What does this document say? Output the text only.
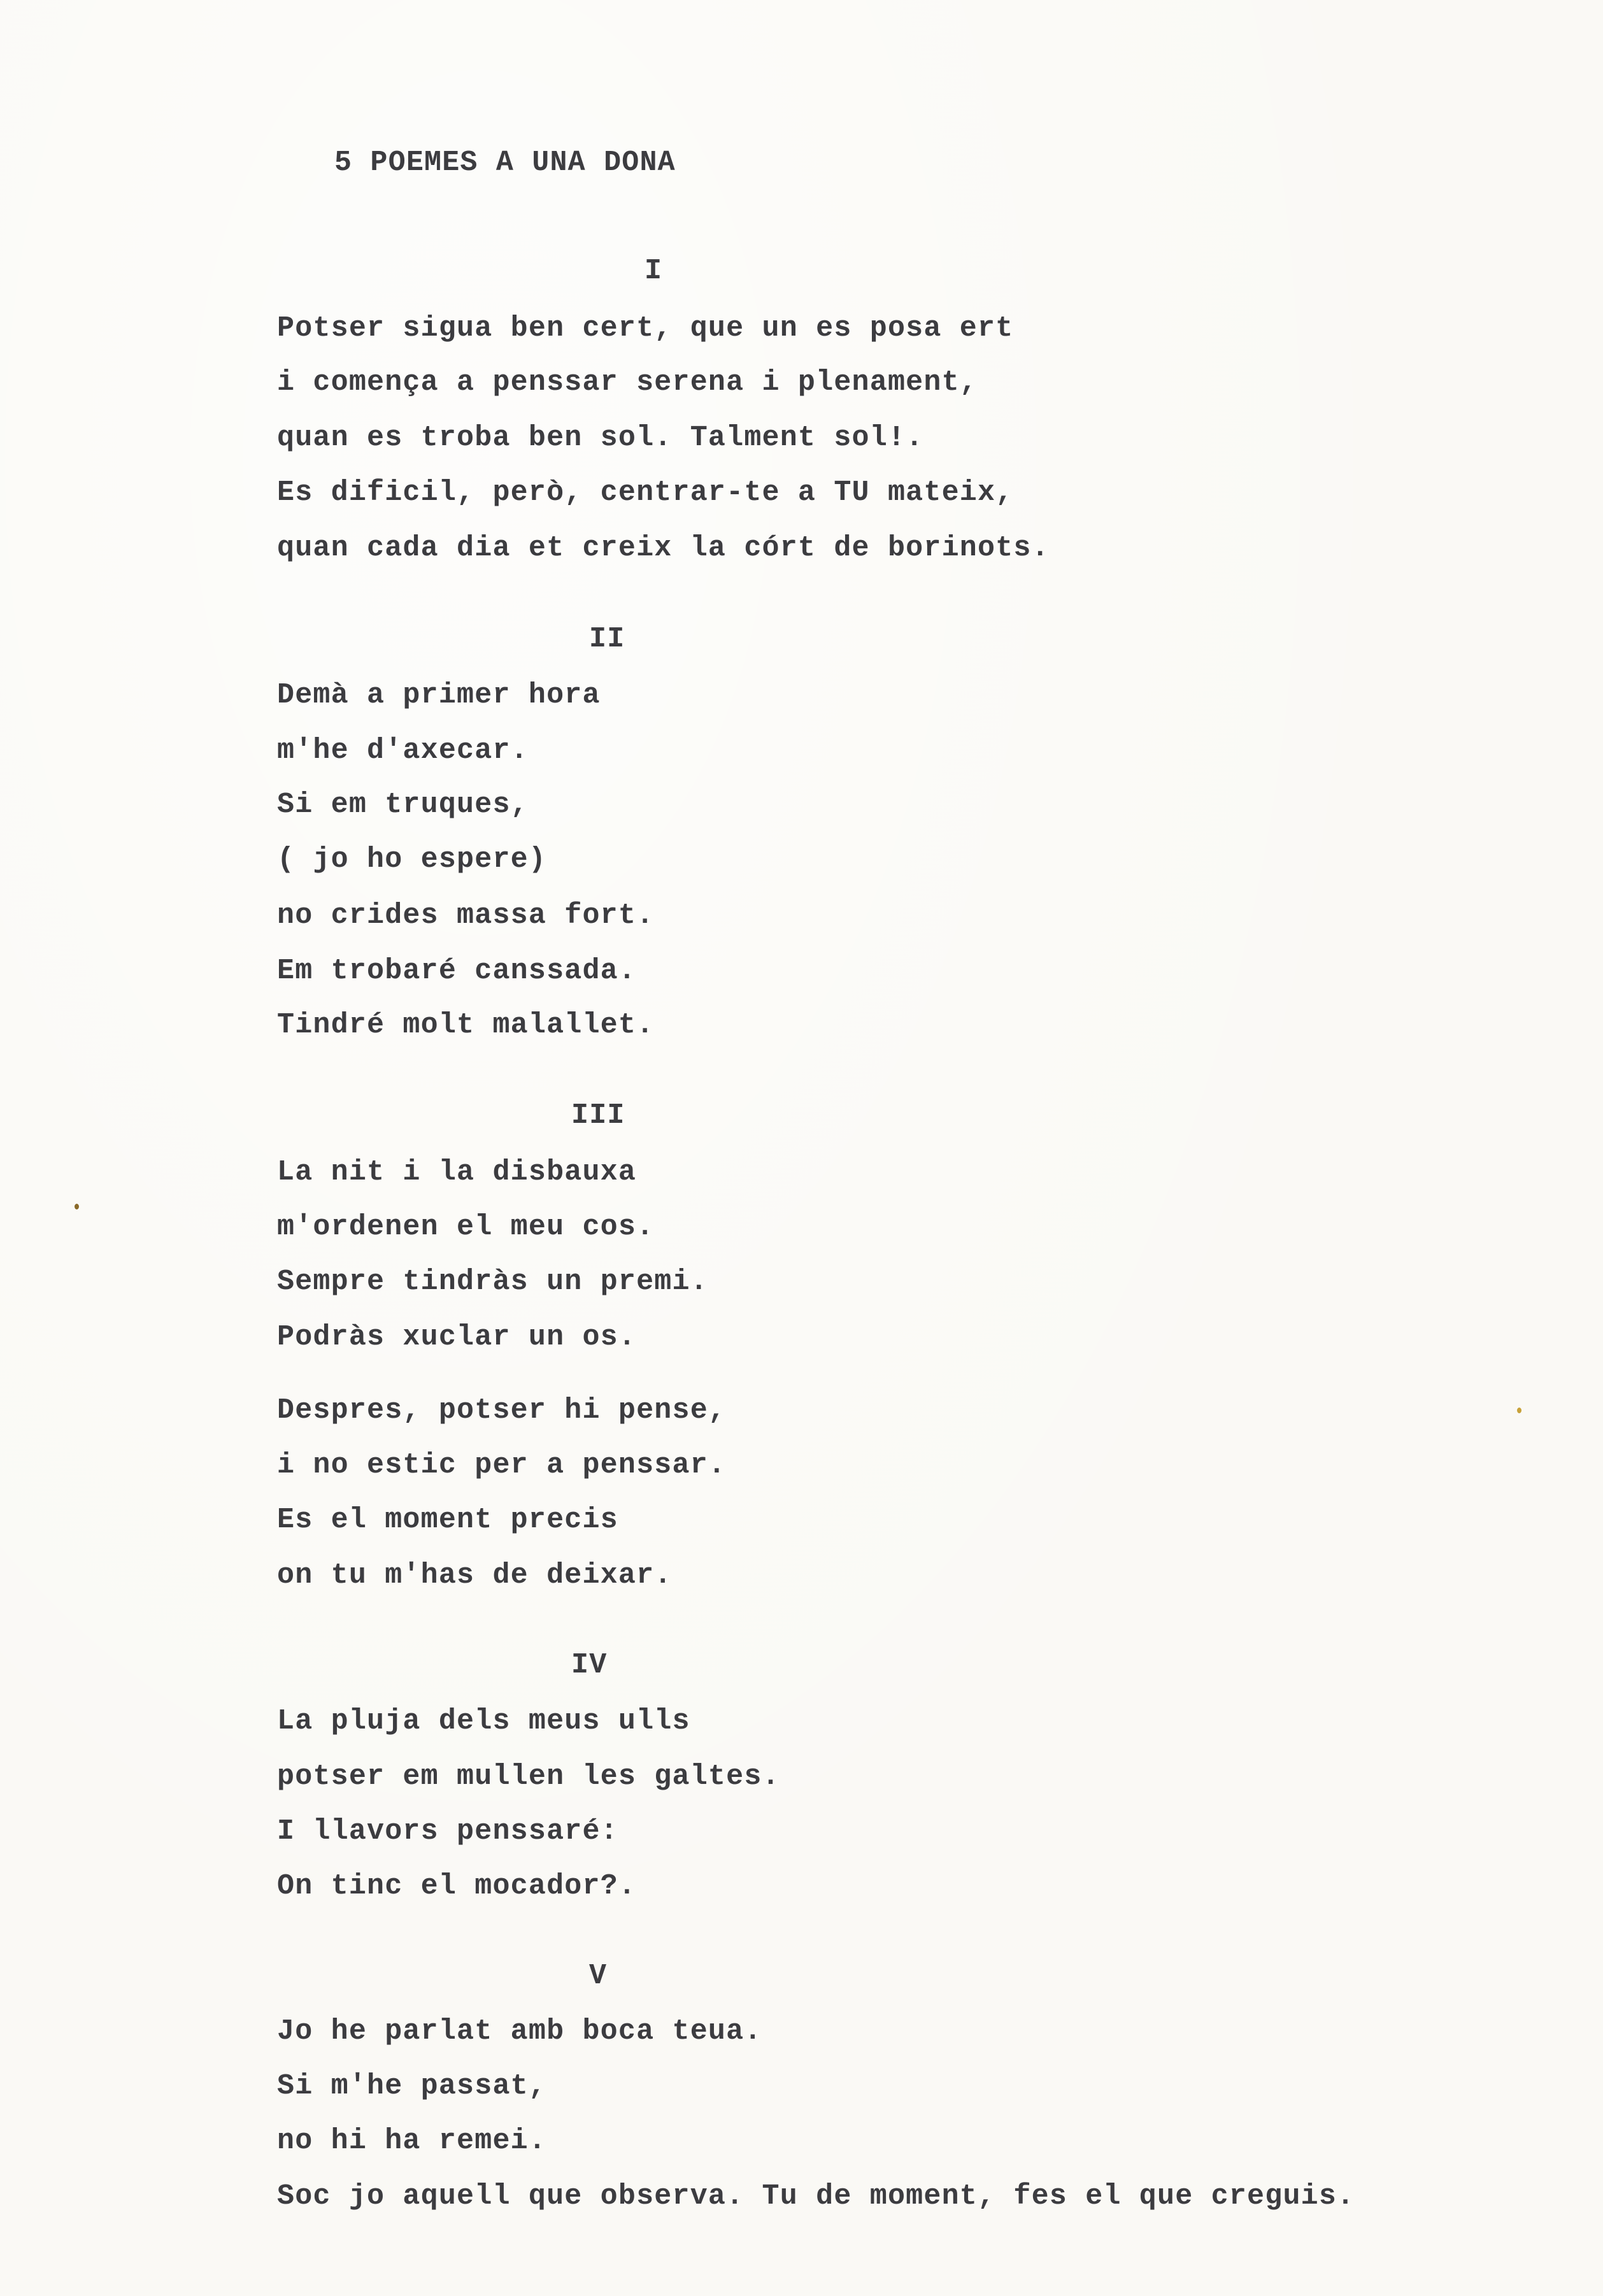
5 POEMES A UNA DONA
I
Potser sigua ben cert, que un es posa ert
i comença a penssar serena i plenament,
quan es troba ben sol. Talment sol!.
Es dificil, però, centrar-te a TU mateix,
quan cada dia et creix la córt de borinots.
II
Demà a primer hora
m'he d'axecar.
Si em truques,
( jo ho espere)
no crides massa fort.
Em trobaré canssada.
Tindré molt malallet.
III
La nit i la disbauxa
m'ordenen el meu cos.
Sempre tindràs un premi.
Podràs xuclar un os.
Despres, potser hi pense,
i no estic per a penssar.
Es el moment precis
on tu m'has de deixar.
IV
La pluja dels meus ulls
potser em mullen les galtes.
I llavors penssaré:
On tinc el mocador?.
V
Jo he parlat amb boca teua.
Si m'he passat,
no hi ha remei.
Soc jo aquell que observa. Tu de moment, fes el que creguis.
